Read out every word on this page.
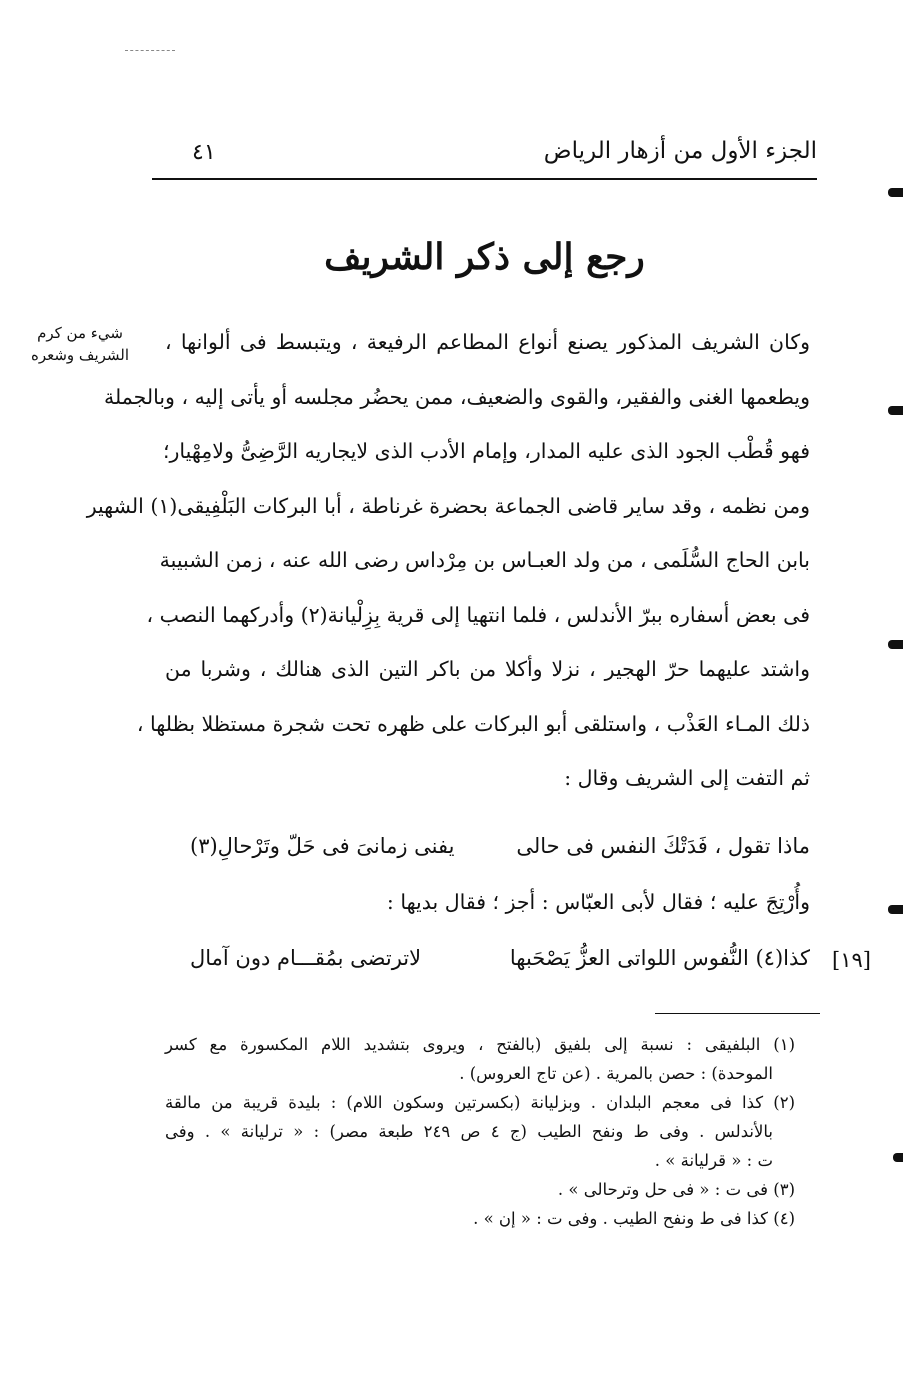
الجزء الأول من أزهار الرياض
٤١
رجع إلى ذكر الشريف
شيء من كرم
الشريف وشعره
وكان الشريف المذكور يصنع أنواع المطاعم الرفيعة ، ويتبسط فى ألوانها ،
ويطعمها الغنى والفقير، والقوى والضعيف، ممن يحضُر مجلسه أو يأتى إليه ، وبالجملة
فهو قُطْب الجود الذى عليه المدار، وإمام الأدب الذى لايجاريه الرَّضِىُّ ولامِهْيار؛
ومن نظمه ، وقد ساير قاضى الجماعة بحضرة غرناطة ، أبا البركات البَلْفِيقى(١) الشهير
بابن الحاج السُّلَمى ، من ولد العبـاس بن مِرْداس رضى الله عنه ، زمن الشبيبة
فى بعض أسفاره ببرّ الأندلس ، فلما انتهيا إلى قرية بِزِلْيانة(٢) وأدركهما النصب ،
واشتد عليهما حرّ الهجير ، نزلا وأكلا من باكر التين الذى هنالك ، وشربا من
ذلك المـاء العَذْب ، واستلقى أبو البركات على ظهره تحت شجرة مستظلا بظلها ،
ثم التفت إلى الشريف وقال :
ماذا تقول ، فَدَتْكَ النفس فى حالى
يفنى زمانىَ فى حَلّ وتَرْحالِ(٣)
وأُرْتِجَ عليه ؛ فقال لأبى العبّاس : أجز ؛ فقال بديها :
كذا(٤) النُّفوس اللواتى العزُّ يَصْحَبها
لاترتضى بمُقـــام دون آمال	[١٩]
(١) البلفيقى : نسبة إلى بلفيق (بالفتح ، ويروى بتشديد اللام المكسورة مع كسر
الموحدة) : حصن بالمرية . (عن تاج العروس) .
(٢) كذا فى معجم البلدان . وبزليانة (بكسرتين وسكون اللام) : بليدة قريبة من مالقة
بالأندلس . وفى ط ونفح الطيب (ج ٤ ص ٢٤٩ طبعة مصر) : « ترليانة » . وفى
ت : « قرليانة » .
(٣) فى ت : « فى حل وترحالى » .
(٤) كذا فى ط ونفح الطيب . وفى ت : « إن » .
